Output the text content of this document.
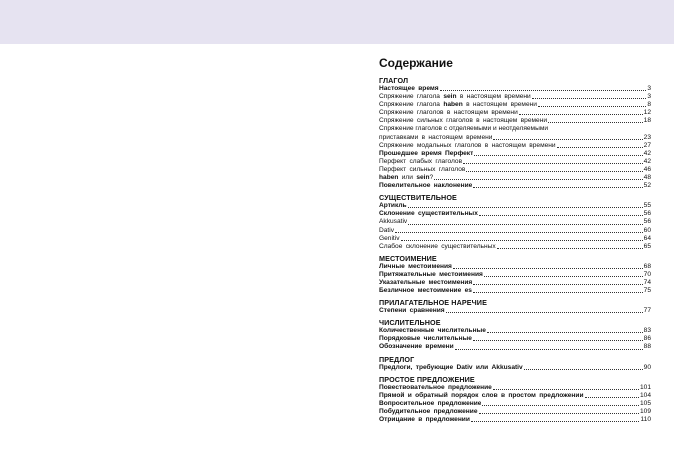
Содержание
ГЛАГОЛ
Настоящее время	3
Спряжение глагола sein в настоящем времени	3
Спряжение глагола haben в настоящем времени	8
Спряжение глаголов в настоящем времени	12
Спряжение сильных глаголов в настоящем времени	18
Спряжение глаголов с отделяемыми и неотделяемыми
приставками в настоящем времени	23
Спряжение модальных глаголов в настоящем времени	27
Прошедшее время Перфект	42
Перфект слабых глаголов	42
Перфект сильных глаголов	46
haben или sein?	48
Повелительное наклонение	52
СУЩЕСТВИТЕЛЬНОЕ
Артикль	55
Склонение существительных	56
Akkusativ	56
Dativ	60
Genitiv	64
Слабое склонение существительных	65
МЕСТОИМЕНИЕ
Личные местоимения	68
Притяжательные местоимения	70
Указательные местоимения	74
Безличное местоимение es	75
ПРИЛАГАТЕЛЬНОЕ НАРЕЧИЕ
Степени сравнения	77
ЧИСЛИТЕЛЬНОЕ
Количественные числительные	83
Порядковые числительные	86
Обозначение времени	88
ПРЕДЛОГ
Предлоги, требующие Dativ или Akkusativ	90
ПРОСТОЕ ПРЕДЛОЖЕНИЕ
Повествовательное предложение	101
Прямой и обратный порядок слов в простом предложении	104
Вопросительное предложение	105
Побудительное предложение	109
Отрицание в предложении	110
